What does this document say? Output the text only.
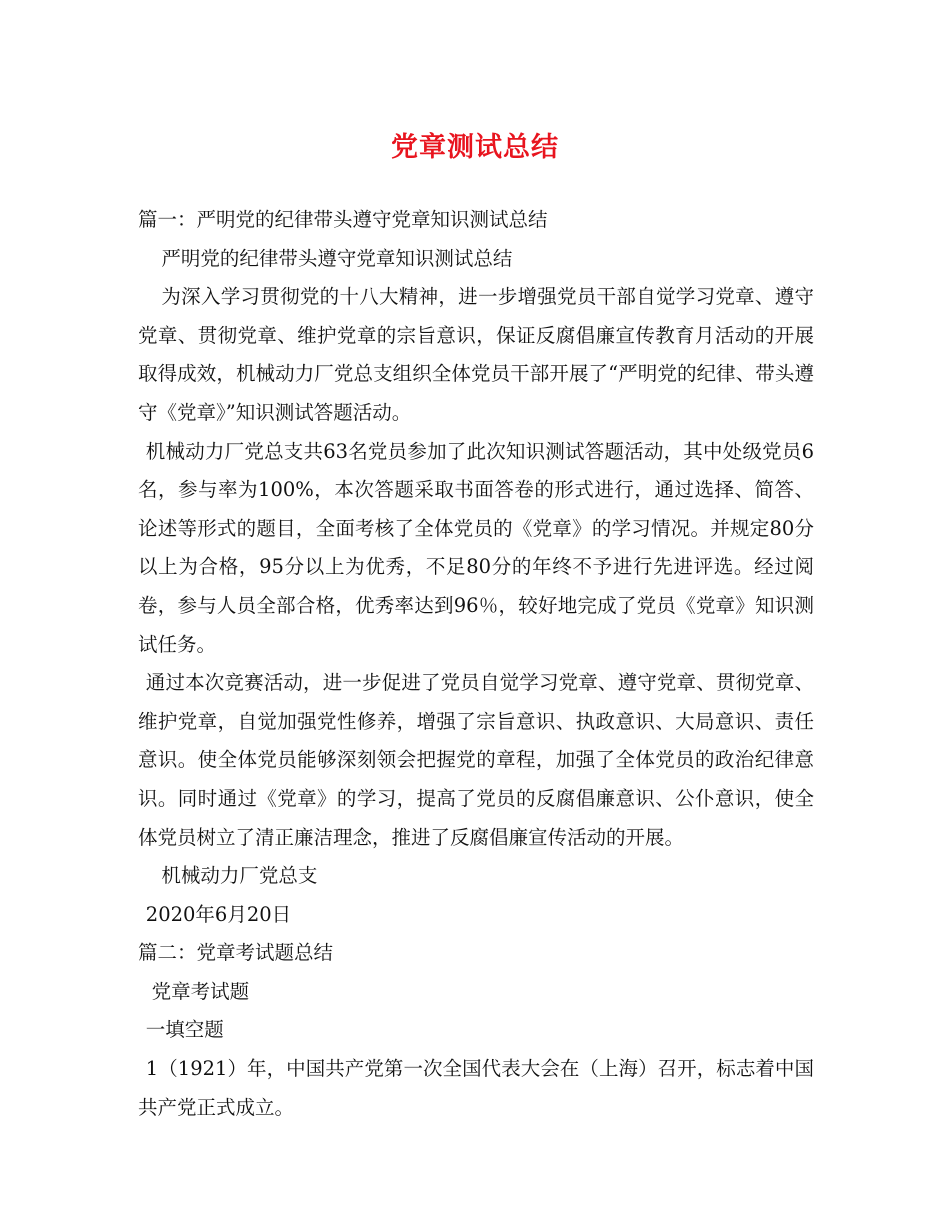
党章测试总结

篇一：严明党的纪律带头遵守党章知识测试总结

严明党的纪律带头遵守党章知识测试总结

为深入学习贯彻党的十八大精神，进一步增强党员干部自觉学习党章、遵守党章、贯彻党章、维护党章的宗旨意识，保证反腐倡廉宣传教育月活动的开展取得成效，机械动力厂党总支组织全体党员干部开展了“严明党的纪律、带头遵守《党章》”知识测试答题活动。

机械动力厂党总支共63名党员参加了此次知识测试答题活动，其中处级党员6名，参与率为100%，本次答题采取书面答卷的形式进行，通过选择、简答、论述等形式的题目，全面考核了全体党员的《党章》的学习情况。并规定80分以上为合格，95分以上为优秀，不足80分的年终不予进行先进评选。经过阅卷，参与人员全部合格，优秀率达到96％，较好地完成了党员《党章》知识测试任务。

通过本次竞赛活动，进一步促进了党员自觉学习党章、遵守党章、贯彻党章、维护党章，自觉加强党性修养，增强了宗旨意识、执政意识、大局意识、责任意识。使全体党员能够深刻领会把握党的章程，加强了全体党员的政治纪律意识。同时通过《党章》的学习，提高了党员的反腐倡廉意识、公仆意识，使全体党员树立了清正廉洁理念，推进了反腐倡廉宣传活动的开展。

机械动力厂党总支

2020年6月20日

篇二：党章考试题总结

党章考试题

一填空题

1（1921）年，中国共产党第一次全国代表大会在（上海）召开，标志着中国共产党正式成立。
